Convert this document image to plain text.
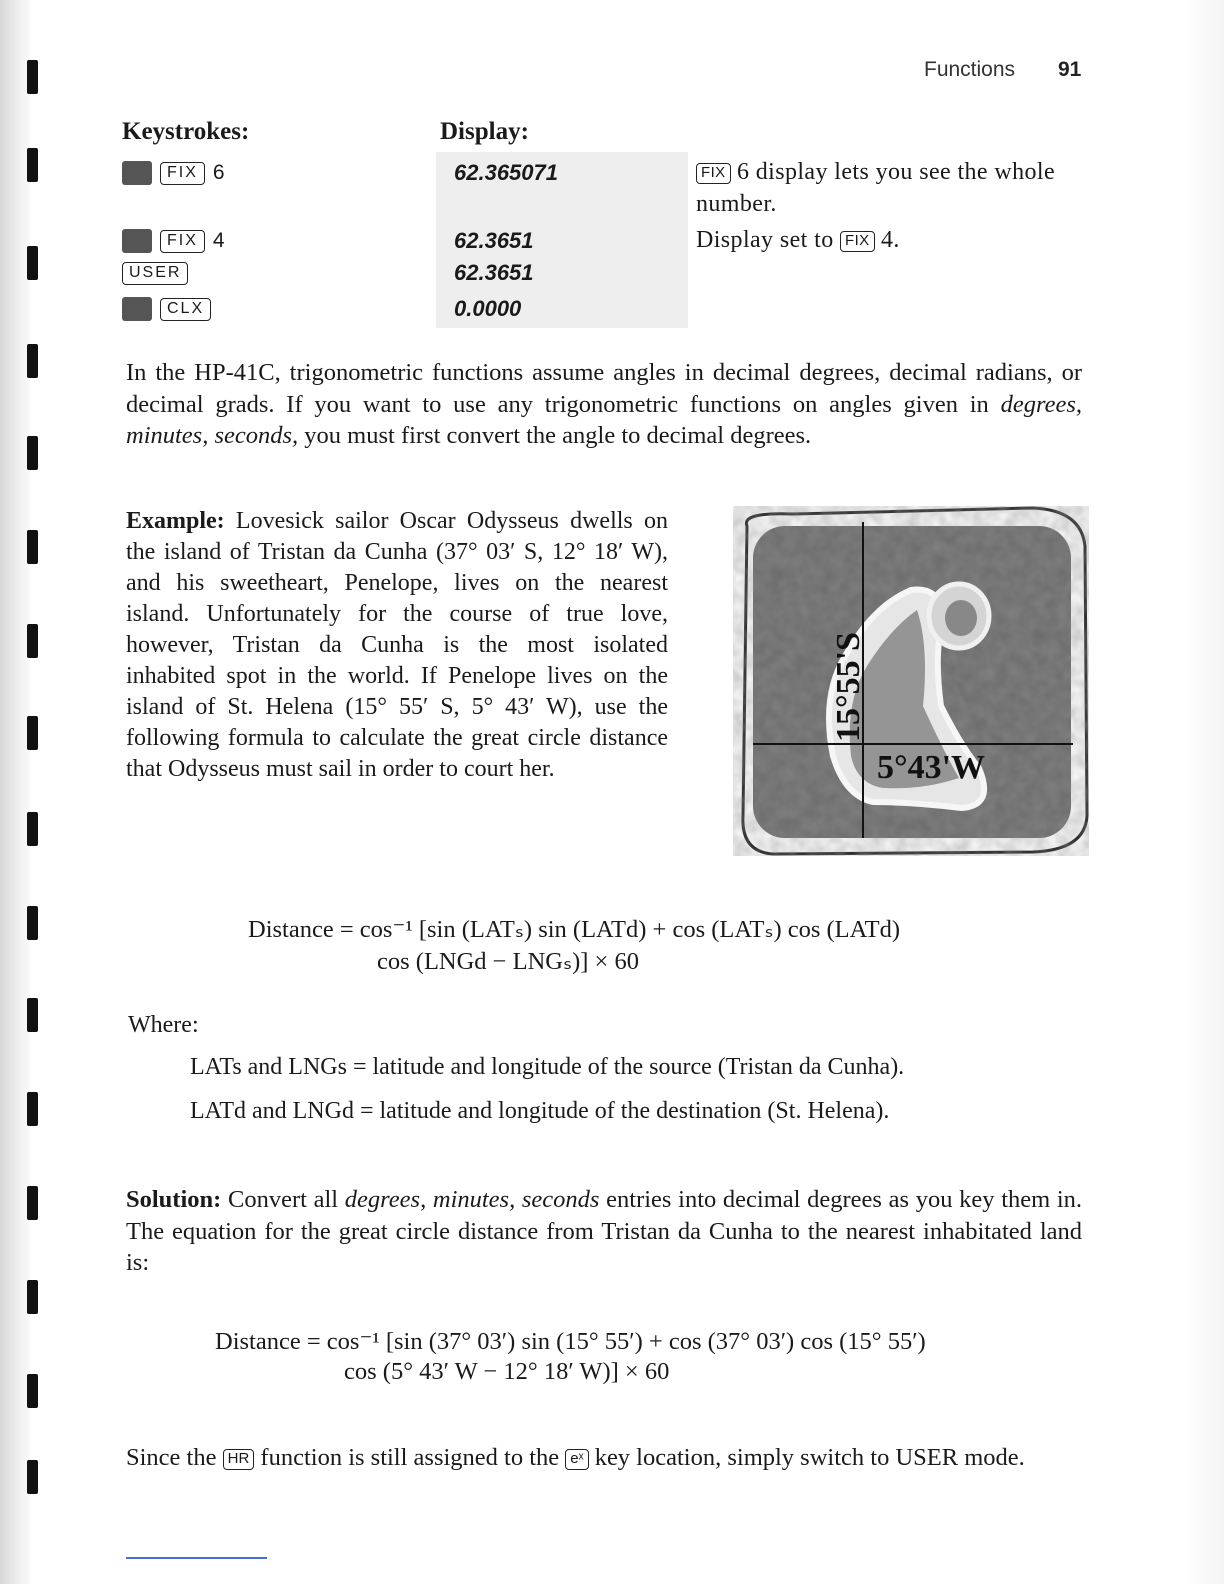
Functions 91
Keystrokes:	Display:
FIX 6
FIX 4
USER
CLX
62.365071
62.3651
62.3651
0.0000
FIX 6 display lets you see the whole number.
Display set to FIX 4.
In the HP-41C, trigonometric functions assume angles in decimal degrees, decimal radians, or decimal grads. If you want to use any trigonometric functions on angles given in degrees, minutes, seconds, you must first convert the angle to decimal degrees.
Example: Lovesick sailor Oscar Odysseus dwells on the island of Tristan da Cunha (37° 03′ S, 12° 18′ W), and his sweetheart, Penelope, lives on the nearest island. Unfortunately for the course of true love, however, Tristan da Cunha is the most isolated inhabited spot in the world. If Penelope lives on the island of St. Helena (15° 55′ S, 5° 43′ W), use the following formula to calculate the great circle distance that Odysseus must sail in order to court her.
15°55'S
5°43'W
Distance = cos⁻¹ [sin (LATₛ) sin (LATd) + cos (LATₛ) cos (LATd)
cos (LNGd − LNGₛ)] × 60
Where:
LATs and LNGs = latitude and longitude of the source (Tristan da Cunha).
LATd and LNGd = latitude and longitude of the destination (St. Helena).
Solution: Convert all degrees, minutes, seconds entries into decimal degrees as you key them in. The equation for the great circle distance from Tristan da Cunha to the nearest inhabitated land is:
Distance = cos⁻¹ [sin (37° 03′) sin (15° 55′) + cos (37° 03′) cos (15° 55′)
cos (5° 43′ W − 12° 18′ W)] × 60
Since the HR function is still assigned to the eˣ key location, simply switch to USER mode.
